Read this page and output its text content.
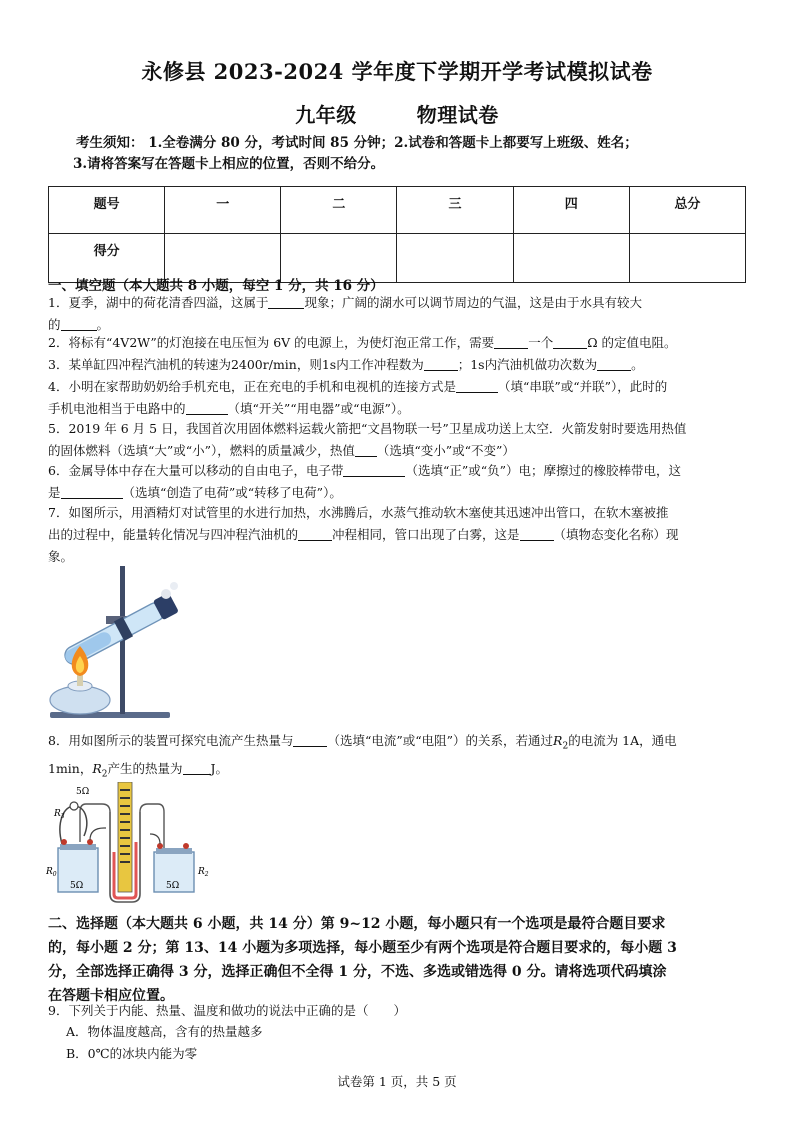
永修县 2023-2024 学年度下学期开学考试模拟试卷
九年级	物理试卷
考生须知： 1.全卷满分 80 分，考试时间 85 分钟；2.试卷和答题卡上都要写上班级、姓名；
3.请将答案写在答题卡上相应的位置，否则不给分。
题号	一	二	三	四	总分
得分					
一、填空题（本大题共 8 小题，每空 1 分，共 16 分）
1．夏季，湖中的荷花清香四溢，这属于	现象；广阔的湖水可以调节周边的气温，这是由于水具有较大
的	。
2．将标有“4V2W”的灯泡接在电压恒为 6V 的电源上，为使灯泡正常工作，需要	一个	Ω 的定值电阻。
3．某单缸四冲程汽油机的转速为2400r/min，则1s内工作冲程数为	；1s内汽油机做功次数为	。
4．小明在家帮助奶奶给手机充电，正在充电的手机和电视机的连接方式是	（填“串联”或“并联”），此时的
手机电池相当于电路中的	（填“开关”“用电器”或“电源”）。
5．2019 年 6 月 5 日，我国首次用固体燃料运载火箭把“文昌物联一号”卫星成功送上太空．火箭发射时要选用热值
的固体燃料（选填“大”或“小”），燃料的质量减少，热值 （选填“变小”或“不变”）
6．金属导体中存在大量可以移动的自由电子，电子带	（选填“正”或“负”）电；摩擦过的橡胶棒带电，这
是	（选填“创造了电荷”或“转移了电荷”）。
7．如图所示，用酒精灯对试管里的水进行加热，水沸腾后，水蒸气推动软木塞使其迅速冲出管口，在软木塞被推
出的过程中，能量转化情况与四冲程汽油机的	冲程相同，管口出现了白雾，这是	（填物态变化名称）现
象。
8．用如图所示的装置可探究电流产生热量与	（选填“电流”或“电阻”）的关系，若通过$R_2$的电流为 1A，通电
1min，$R_2$产生的热量为 J。
5Ω
$R_3$
$R_0$	$R_2$
5Ω	5Ω
二、选择题（本大题共 6 小题，共 14 分）第 9~12 小题，每小题只有一个选项是最符合题目要求
的，每小题 2 分；第 13、14 小题为多项选择，每小题至少有两个选项是符合题目要求的，每小题 3
分，全部选择正确得 3 分，选择正确但不全得 1 分，不选、多选或错选得 0 分。请将选项代码填涂
在答题卡相应位置。
9．下列关于内能、热量、温度和做功的说法中正确的是（　　）
A．物体温度越高，含有的热量越多
B．0℃的冰块内能为零
试卷第 1 页，共 5 页
